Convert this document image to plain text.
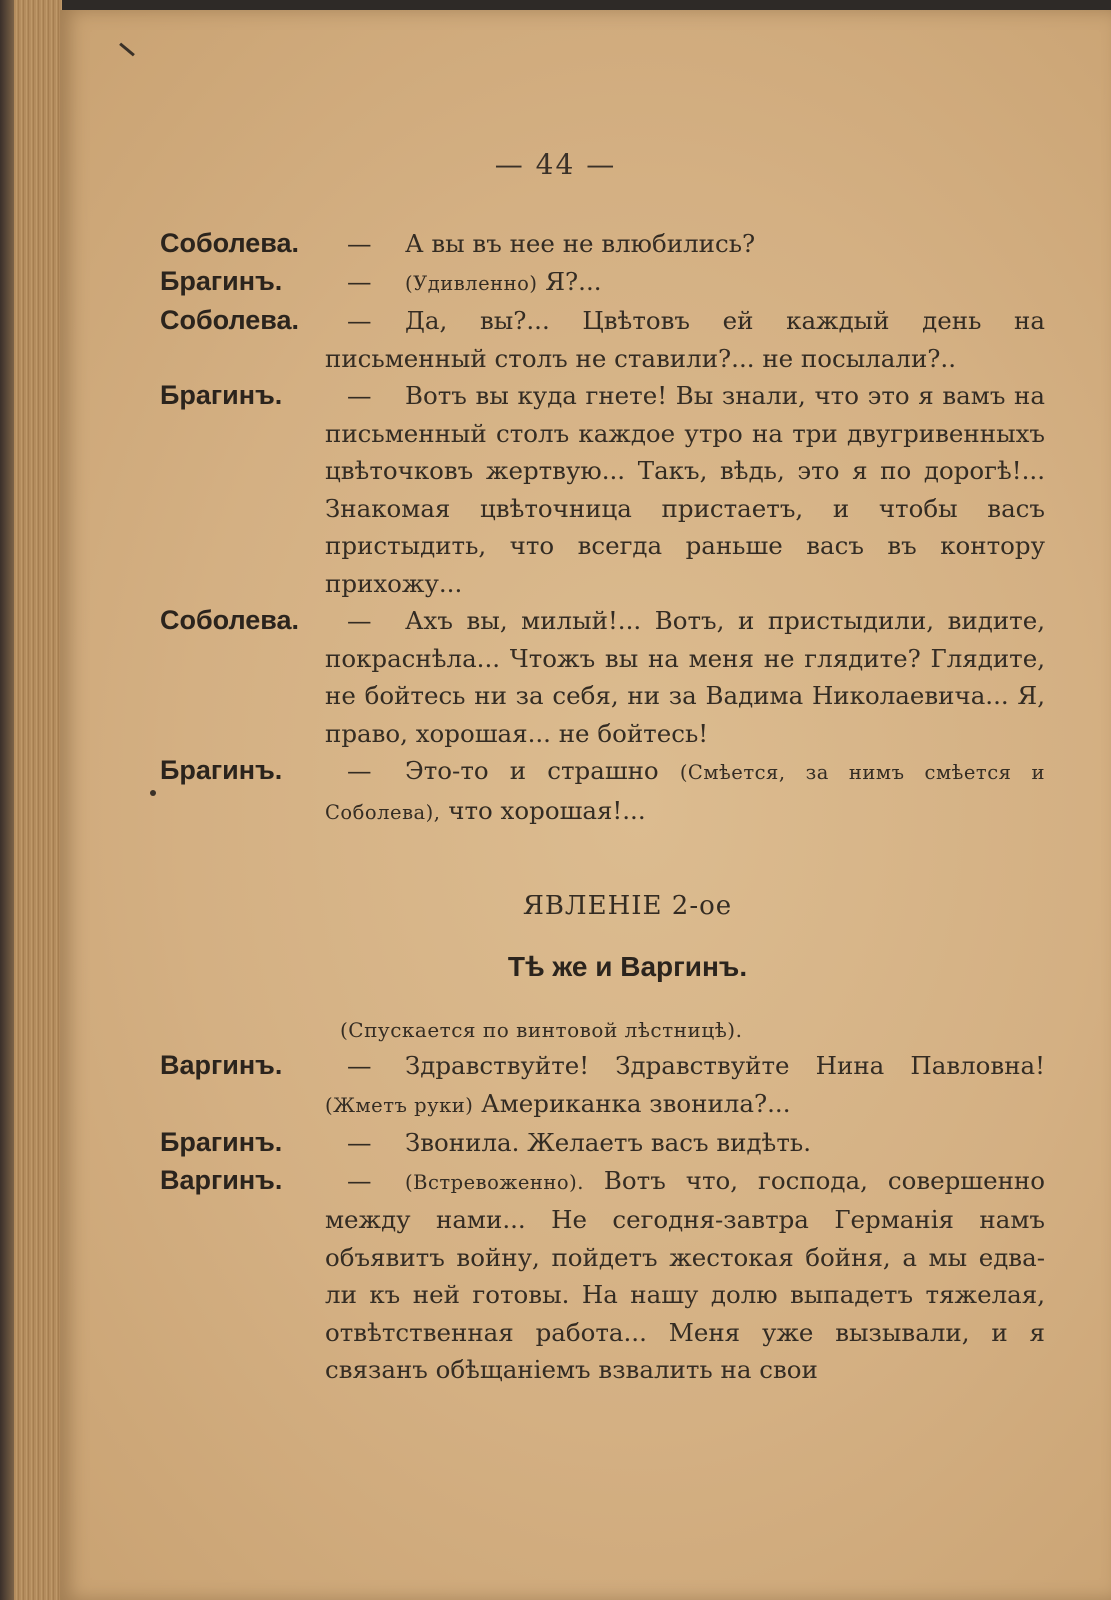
— 44 —
Соболева.	— А вы въ нее не влюбились?
Брагинъ.	— (Удивленно) Я?...
Соболева.	— Да, вы?... Цвѣтовъ ей каждый день на письменный столъ не ставили?... не посылали?..
Брагинъ.	— Вотъ вы куда гнете! Вы знали, что это я вамъ на письменный столъ каждое утро на три двугривенныхъ цвѣточковъ жертвую... Такъ, вѣдь, это я по дорогѣ!... Знакомая цвѣточница пристаетъ, и чтобы васъ пристыдить, что всегда раньше васъ въ контору прихожу...
Соболева.	— Ахъ вы, милый!... Вотъ, и пристыдили, видите, покраснѣла... Чтожъ вы на меня не глядите? Глядите, не бойтесь ни за себя, ни за Вадима Николаевича... Я, право, хорошая... не бойтесь!
Брагинъ.	— Это-то и страшно (Смѣется, за нимъ смѣется и Соболева), что хорошая!...
ЯВЛЕНІЕ 2-ое
Тѣ же и Варгинъ.
(Спускается по винтовой лѣстницѣ).
Варгинъ.	— Здравствуйте! Здравствуйте Нина Павловна! (Жметъ руки) Американка звонила?...
Брагинъ.	— Звонила. Желаетъ васъ видѣть.
Варгинъ.	— (Встревоженно). Вотъ что, господа, совершенно между нами... Не сегодня-завтра Германія намъ объявитъ войну, пойдетъ жестокая бойня, а мы едва-ли къ ней готовы. На нашу долю выпадетъ тяжелая, отвѣтственная работа... Меня уже вызывали, и я связанъ обѣщаніемъ взвалить на свои
